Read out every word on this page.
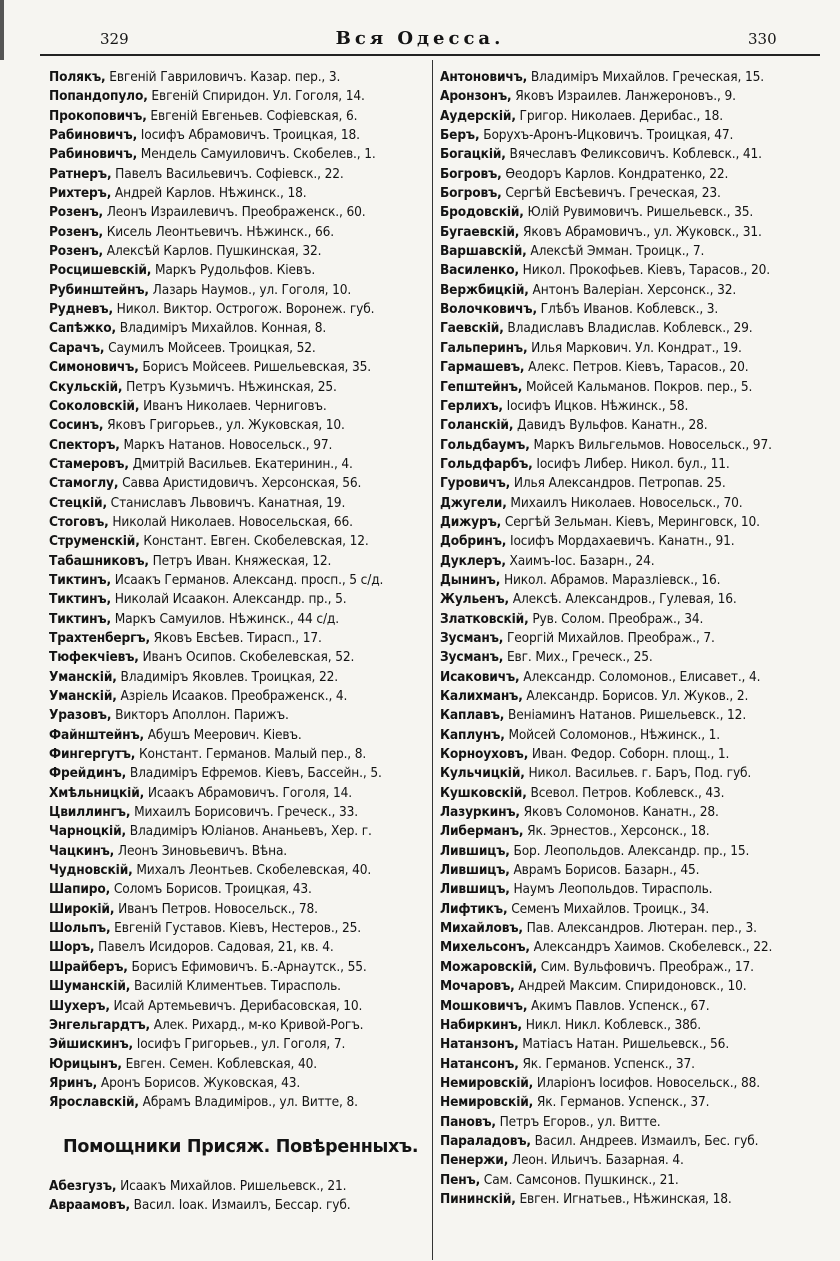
329	Вся Одесса.	330
Полякъ, Евгеній Гавриловичъ. Казар. пер., 3.
Попандопуло, Евгеній Спиридон. Ул. Гоголя, 14.
Прокоповичъ, Евгеній Евгеньев. Софіевская, 6.
Рабиновичъ, Іосифъ Абрамовичъ. Троицкая, 18.
Рабиновичъ, Мендель Самуиловичъ. Скобелев., 1.
Ратнеръ, Павелъ Васильевичъ. Софіевск., 22.
Рихтеръ, Андрей Карлов. Нѣжинск., 18.
Розенъ, Леонъ Израилевичъ. Преображенск., 60.
Розенъ, Кисель Леонтьевичъ. Нѣжинск., 66.
Розенъ, Алексѣй Карлов. Пушкинская, 32.
Росцишевскій, Маркъ Рудольфов. Кіевъ.
Рубинштейнъ, Лазарь Наумов., ул. Гоголя, 10.
Рудневъ, Никол. Виктор. Острогож. Воронеж. губ.
Сапѣжко, Владиміръ Михайлов. Конная, 8.
Сарачъ, Саумилъ Мойсеев. Троицкая, 52.
Симоновичъ, Борисъ Мойсеев. Ришельевская, 35.
Скульскій, Петръ Кузьмичъ. Нѣжинская, 25.
Соколовскій, Иванъ Николаев. Черниговъ.
Сосинъ, Яковъ Григорьев., ул. Жуковская, 10.
Спекторъ, Маркъ Натанов. Новосельск., 97.
Стамеровъ, Дмитрій Васильев. Екатеринин., 4.
Стамоглу, Савва Аристидовичъ. Херсонская, 56.
Стецкій, Станиславъ Львовичъ. Канатная, 19.
Стоговъ, Николай Николаев. Новосельская, 66.
Струменскій, Констант. Евген. Скобелевская, 12.
Табашниковъ, Петръ Иван. Княжеская, 12.
Тиктинъ, Исаакъ Германов. Александ. просп., 5 с/д.
Тиктинъ, Николай Исаакон. Александр. пр., 5.
Тиктинъ, Маркъ Самуилов. Нѣжинск., 44 с/д.
Трахтенбергъ, Яковъ Евсѣев. Тирасп., 17.
Тюфекчіевъ, Иванъ Осипов. Скобелевская, 52.
Уманскій, Владиміръ Яковлев. Троицкая, 22.
Уманскій, Азріель Исааков. Преображенск., 4.
Уразовъ, Викторъ Аполлон. Парижъ.
Файнштейнъ, Абушъ Меерович. Кіевъ.
Фингергутъ, Констант. Германов. Малый пер., 8.
Фрейдинъ, Владиміръ Ефремов. Кіевъ, Бассейн., 5.
Хмѣльницкій, Исаакъ Абрамовичъ. Гоголя, 14.
Цвиллингъ, Михаилъ Борисовичъ. Греческ., 33.
Чарноцкій, Владиміръ Юліанов. Ананьевъ, Хер. г.
Чацкинъ, Леонъ Зиновьевичъ. Вѣна.
Чудновскій, Михалъ Леонтьев. Скобелевская, 40.
Шапиро, Соломъ Борисов. Троицкая, 43.
Широкій, Иванъ Петров. Новосельск., 78.
Шольпъ, Евгеній Густавов. Кіевъ, Нестеров., 25.
Шоръ, Павелъ Исидоров. Садовая, 21, кв. 4.
Шрайберъ, Борисъ Ефимовичъ. Б.-Арнаутск., 55.
Шуманскій, Василій Климентьев. Тирасполь.
Шухеръ, Исай Артемьевичъ. Дерибасовская, 10.
Энгельгардтъ, Алек. Рихард., м-ко Кривой-Рогъ.
Эйшискинъ, Іосифъ Григорьев., ул. Гоголя, 7.
Юрицынъ, Евген. Семен. Коблевская, 40.
Яринъ, Аронъ Борисов. Жуковская, 43.
Ярославскій, Абрамъ Владиміров., ул. Витте, 8.
Помощники Присяж. Повѣренныхъ.
Абезгузъ, Исаакъ Михайлов. Ришельевск., 21.
Авраамовъ, Васил. Іоак. Измаилъ, Бессар. губ.
Антоновичъ, Владиміръ Михайлов. Греческая, 15.
Аронзонъ, Яковъ Израилев. Ланжероновъ., 9.
Аудерскій, Григор. Николаев. Дерибас., 18.
Беръ, Борухъ-Аронъ-Ицковичъ. Троицкая, 47.
Богацкій, Вячеславъ Феликсовичъ. Коблевск., 41.
Богровъ, Ѳеодоръ Карлов. Кондратенко, 22.
Богровъ, Сергѣй Евсѣевичъ. Греческая, 23.
Бродовскій, Юлій Рувимовичъ. Ришельевск., 35.
Бугаевскій, Яковъ Абрамовичъ., ул. Жуковск., 31.
Варшавскій, Алексѣй Эмман. Троицк., 7.
Василенко, Никол. Прокофьев. Кіевъ, Тарасов., 20.
Вержбицкій, Антонъ Валеріан. Херсонск., 32.
Волочковичъ, Глѣбъ Иванов. Коблевск., 3.
Гаевскій, Владиславъ Владислав. Коблевск., 29.
Гальперинъ, Илья Маркович. Ул. Кондрат., 19.
Гармашевъ, Алекс. Петров. Кіевъ, Тарасов., 20.
Гепштейнъ, Мойсей Кальманов. Покров. пер., 5.
Герлихъ, Іосифъ Ицков. Нѣжинск., 58.
Голанскій, Давидъ Вульфов. Канатн., 28.
Гольдбаумъ, Маркъ Вильгельмов. Новосельск., 97.
Гольдфарбъ, Іосифъ Либер. Никол. бул., 11.
Гуровичъ, Илья Александров. Петропав. 25.
Джугели, Михаилъ Николаев. Новосельск., 70.
Дижуръ, Сергѣй Зельман. Кіевъ, Меринговск, 10.
Добринъ, Іосифъ Мордахаевичъ. Канатн., 91.
Дуклеръ, Хаимъ-Іос. Базарн., 24.
Дынинъ, Никол. Абрамов. Маразліевск., 16.
Жульенъ, Алексѣ. Александров., Гулевая, 16.
Златковскій, Рув. Солом. Преображ., 34.
Зусманъ, Георгій Михайлов. Преображ., 7.
Зусманъ, Евг. Мих., Греческ., 25.
Исаковичъ, Александр. Соломонов., Елисавет., 4.
Калихманъ, Александр. Борисов. Ул. Жуков., 2.
Каплавъ, Веніаминъ Натанов. Ришельевск., 12.
Каплунъ, Мойсей Соломонов., Нѣжинск., 1.
Корноуховъ, Иван. Федор. Соборн. площ., 1.
Кульчицкій, Никол. Васильев. г. Баръ, Под. губ.
Кушковскій, Всевол. Петров. Коблевск., 43.
Лазуркинъ, Яковъ Соломонов. Канатн., 28.
Либерманъ, Як. Эрнестов., Херсонск., 18.
Лившицъ, Бор. Леопольдов. Александр. пр., 15.
Лившицъ, Аврамъ Борисов. Базарн., 45.
Лившицъ, Наумъ Леопольдов. Тирасполь.
Лифтикъ, Семенъ Михайлов. Троицк., 34.
Михайловъ, Пав. Александров. Лютеран. пер., 3.
Михельсонъ, Александръ Хаимов. Скобелевск., 22.
Можаровскій, Сим. Вульфовичъ. Преображ., 17.
Мочаровъ, Андрей Максим. Спиридоновск., 10.
Мошковичъ, Акимъ Павлов. Успенск., 67.
Набиркинъ, Никл. Никл. Коблевск., 38б.
Натанзонъ, Матіасъ Натан. Ришельевск., 56.
Натансонъ, Як. Германов. Успенск., 37.
Немировскій, Иларіонъ Іосифов. Новосельск., 88.
Немировскій, Як. Германов. Успенск., 37.
Пановъ, Петръ Егоров., ул. Витте.
Параладовъ, Васил. Андреев. Измаилъ, Бес. губ.
Пенержи, Леон. Ильичъ. Базарная. 4.
Пенъ, Сам. Самсонов. Пушкинск., 21.
Пининскій, Евген. Игнатьев., Нѣжинская, 18.
